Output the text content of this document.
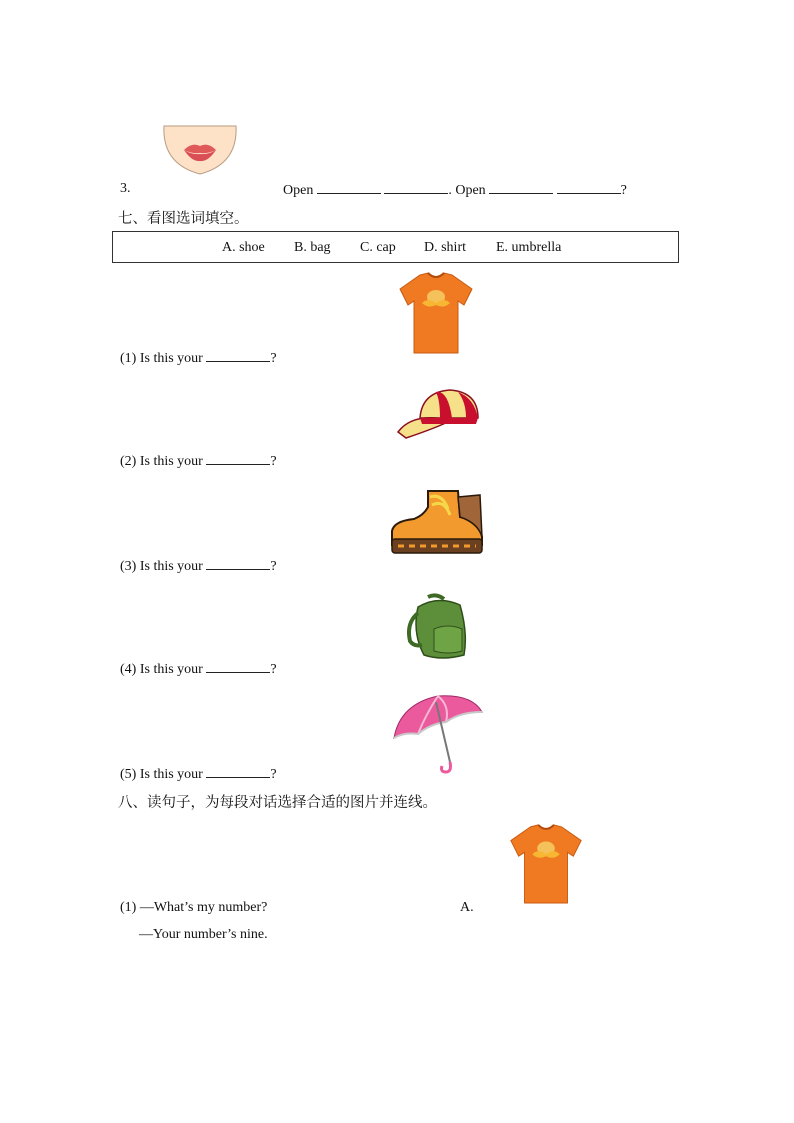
3.	Open	. Open	?
七、看图选词填空。
A. shoe B. bag C. cap D. shirt E. umbrella
(1) Is this your	?
(2) Is this your	?
(3) Is this your	?
(4) Is this your	?
(5) Is this your	?
八、读句子，为每段对话选择合适的图片并连线。
(1) —What’s my number?	A.
—Your number’s nine.
